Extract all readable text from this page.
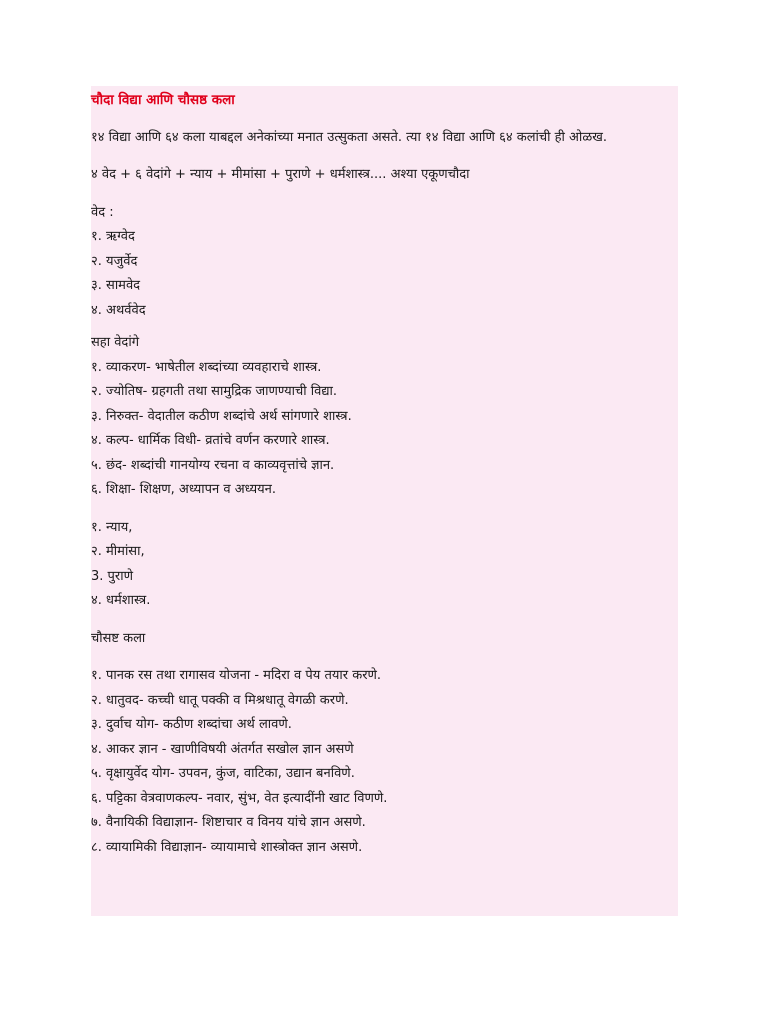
चौदा विद्या आणि चौसष्ठ कला

१४ विद्या आणि ६४ कला याबद्दल अनेकांच्या मनात उत्सुकता असते. त्या १४ विद्या आणि ६४ कलांची ही ओळख.

४ वेद + ६ वेदांगे + न्याय + मीमांसा + पुराणे + धर्मशास्त्र.... अश्या एकूणचौदा

वेद :

१. ऋग्वेद

२. यजुर्वेद

३. सामवेद

४. अथर्ववेद

सहा वेदांगे

१. व्याकरण- भाषेतील शब्दांच्या व्यवहाराचे शास्त्र.

२. ज्योतिष- ग्रहगती तथा सामुद्रिक जाणण्याची विद्या.

३. निरुक्त- वेदातील कठीण शब्दांचे अर्थ सांगणारे शास्त्र.

४. कल्प- धार्मिक विधी- व्रतांचे वर्णन करणारे शास्त्र.

५. छंद- शब्दांची गानयोग्य रचना व काव्यवृत्तांचे ज्ञान.

६. शिक्षा- शिक्षण, अध्यापन व अध्ययन.

१. न्याय,

२. मीमांसा,

3. पुराणे

४. धर्मशास्त्र.

चौसष्ट कला

१. पानक रस तथा रागासव योजना - मदिरा व पेय तयार करणे.

२. धातुवद- कच्ची धातू पक्की व मिश्रधातू वेगळी करणे.

३. दुर्वाच योग- कठीण शब्दांचा अर्थ लावणे.

४. आकर ज्ञान - खाणीविषयी अंतर्गत सखोल ज्ञान असणे

५. वृक्षायुर्वेद योग- उपवन, कुंज, वाटिका, उद्यान बनविणे.

६. पट्टिका वेत्रवाणकल्प- नवार, सुंभ, वेत इत्यादींनी खाट विणणे.

७. वैनायिकी विद्याज्ञान- शिष्टाचार व विनय यांचे ज्ञान असणे.

८. व्यायामिकी विद्याज्ञान- व्यायामाचे शास्त्रोक्त ज्ञान असणे.
